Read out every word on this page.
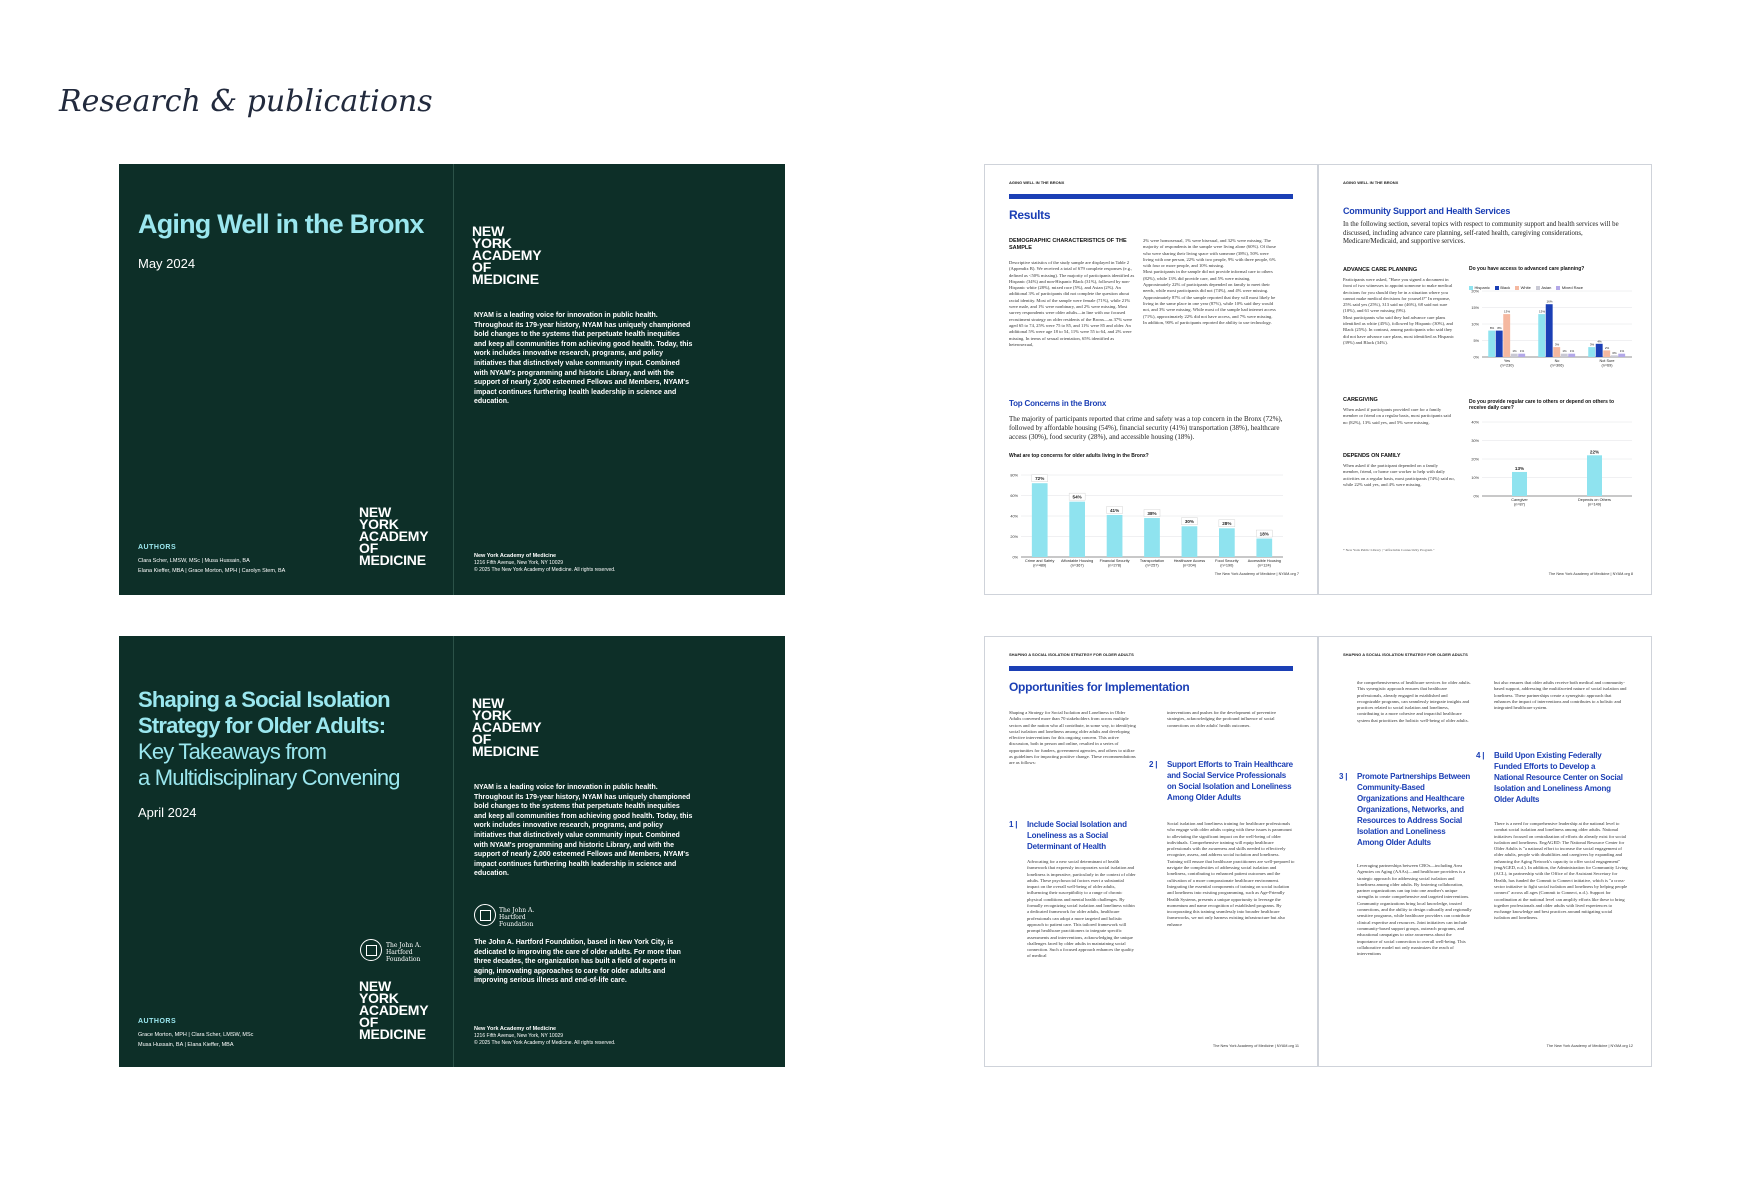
Research & publications
Aging Well in the Bronx
May 2024
AUTHORS
Clara Scher, LMSW, MSc | Musa Hussain, BA
Elana Kieffer, MBA | Grace Morton, MPH | Carolyn Stem, BA
NEW YORK ACADEMY OF MEDICINE
NEW YORK ACADEMY OF MEDICINE
NYAM is a leading voice for innovation in public health. Throughout its 179-year history, NYAM has uniquely championed bold changes to the systems that perpetuate health inequities and keep all communities from achieving good health. Today, this work includes innovative research, programs, and policy initiatives that distinctively value community input. Combined with NYAM's programming and historic Library, and with the support of nearly 2,000 esteemed Fellows and Members, NYAM's impact continues furthering health leadership in science and education.
New York Academy of Medicine
1216 Fifth Avenue, New York, NY 10029
© 2025 The New York Academy of Medicine. All rights reserved.
Shaping a Social Isolation
Strategy for Older Adults:
Key Takeaways from
a Multidisciplinary Convening
April 2024
AUTHORS
Grace Morton, MPH | Clara Scher, LMSW, MSc
Musa Hussain, BA | Elana Kieffer, MBA
The John A. Hartford Foundation
NEW YORK ACADEMY OF MEDICINE
NEW YORK ACADEMY OF MEDICINE
NYAM is a leading voice for innovation in public health. Throughout its 179-year history, NYAM has uniquely championed bold changes to the systems that perpetuate health inequities and keep all communities from achieving good health. Today, this work includes innovative research, programs, and policy initiatives that distinctively value community input. Combined with NYAM's programming and historic Library, and with the support of nearly 2,000 esteemed Fellows and Members, NYAM's impact continues furthering health leadership in science and education.
The John A. Hartford Foundation
The John A. Hartford Foundation, based in New York City, is dedicated to improving the care of older adults. For more than three decades, the organization has built a field of experts in aging, innovating approaches to care for older adults and improving serious illness and end-of-life care.
New York Academy of Medicine
1216 Fifth Avenue, New York, NY 10029
© 2025 The New York Academy of Medicine. All rights reserved.
AGING WELL IN THE BRONX
Results
DEMOGRAPHIC CHARACTERISTICS OF THE SAMPLE
Descriptive statistics of the study sample are displayed in Table 2 (Appendix B). We received a total of 679 complete responses (e.g., defined as <50% missing). The majority of participants identified as Hispanic (34%) and non-Hispanic Black (31%), followed by non-Hispanic white (28%), mixed race (5%), and Asian (2%). An additional 3% of participants did not complete the question about racial identity. Most of the sample were female (71%), while 21% were male, and 1% were nonbinary, and 2% were missing. Most survey respondents were older adults—in line with our focused recruitment strategy on older residents of the Bronx—as 37% were aged 65 to 74, 25% were 75 to 85, and 11% were 85 and older. An additional 5% were age 18 to 54, 11% were 55 to 64, and 2% were missing. In terms of sexual orientation, 65% identified as heterosexual,
2% were homosexual, 1% were bisexual, and 32% were missing. The majority of respondents in the sample were living alone (60%). Of those who were sharing their living space with someone (38%), 50% were living with one person, 22% with two people, 9% with three people, 6% with four or more people, and 10% missing.
Most participants in the sample did not provide informal care to others (82%), while 13% did provide care, and 5% were missing. Approximately 22% of participants depended on family to meet their needs, while most participants did not (74%), and 4% were missing. Approximately 87% of the sample reported that they will most likely be living in the same place in one year (87%), while 10% said they would not, and 3% were missing. While most of the sample had internet access (71%), approximately 22% did not have access, and 7% were missing. In addition, 90% of participants reported the ability to use technology.
Top Concerns in the Bronx
The majority of participants reported that crime and safety was a top concern in the Bronx (72%), followed by affordable housing (54%), financial security (41%) transportation (38%), healthcare access (30%), food security (28%), and accessible housing (18%).
What are top concerns for older adults living in the Bronx?
80%
60%
40%
20%
0%
72%
Crime and Safety (n=489)
54%
Affordable Housing (n=367)
41%
Financial Security (n=278)
38%
Transportation (n=257)
30%
Healthcare Access (n=204)
28%
Food Security (n=190)
18%
Accessible Housing (n=124)
The New York Academy of Medicine | NYAM.org 7
AGING WELL IN THE BRONX
Community Support and Health Services
In the following section, several topics with respect to community support and health services will be discussed, including advance care planning, self-rated health, caregiving considerations, Medicare/Medicaid, and supportive services.
ADVANCE CARE PLANNING
Participants were asked, "Have you signed a document in front of two witnesses to appoint someone to make medical decisions for you should they be in a situation where you cannot make medical decisions for yourself?" In response, 25% said yes (25%), 313 said no (46%), 68 said not sure (10%), and 61 were missing (9%).
Most participants who said they had advance care plans identified as white (45%), followed by Hispanic (30%), and Black (25%). In contrast, among participants who said they did not have advance care plans, most identified as Hispanic (39%) and Black (34%).
CAREGIVING
When asked if participants provided care for a family member or friend on a regular basis, most participants said no (82%), 13% said yes, and 5% were missing.
DEPENDS ON FAMILY
When asked if the participant depended on a family member, friend, or home care worker to help with daily activities on a regular basis, most participants (74%) said no, while 22% said yes, and 4% were missing.
Do you have access to advanced care planning?
Hispanic	Black	White	Asian	Mixed Race
20%
15%
10%
5%
0%
8% 8%
13%
1% 1%
Yes (n=230)
13%
16%
3%
1% 1%
No (n=306)
3%
4%
2%
0% 1%
Not Sure (n=69)
Do you provide regular care to others or depend on others to receive daily care?
40%
30%
20%
10%
0%
13%
Caregiver (n=87)
22%
Depends on Others (n=149)
* New York Public Library | "Affordable Connectivity Program."
The New York Academy of Medicine | NYAM.org 8
SHAPING A SOCIAL ISOLATION STRATEGY FOR OLDER ADULTS
Opportunities for Implementation
Shaping a Strategy for Social Isolation and Loneliness in Older Adults convened more than 70 stakeholders from across multiple sectors and the nation who all contribute, in some way, to identifying social isolation and loneliness among older adults and developing effective interventions for this ongoing concern. This active discussion, both in person and online, resulted in a series of opportunities for funders, government agencies, and others to utilize as guidelines for impacting positive change. These recommendations are as follows:
1 | Include Social Isolation and Loneliness as a Social Determinant of Health
Advocating for a new social determinant of health framework that expressly incorporates social isolation and loneliness is imperative, particularly in the context of older adults. These psychosocial factors exert a substantial impact on the overall well-being of older adults, influencing their susceptibility to a range of chronic physical conditions and mental health challenges. By formally recognizing social isolation and loneliness within a dedicated framework for older adults, healthcare professionals can adopt a more targeted and holistic approach to patient care. This tailored framework will prompt healthcare practitioners to integrate specific assessments and interventions, acknowledging the unique challenges faced by older adults in maintaining social connection. Such a focused approach enhances the quality of medical
interventions and pushes for the development of preventive strategies, acknowledging the profound influence of social connections on older adults' health outcomes.
2 | Support Efforts to Train Healthcare and Social Service Professionals on Social Isolation and Loneliness Among Older Adults
Social isolation and loneliness training for healthcare professionals who engage with older adults coping with these issues is paramount to alleviating the significant impact on the well-being of older individuals. Comprehensive training will equip healthcare professionals with the awareness and skills needed to effectively recognize, assess, and address social isolation and loneliness. Training will ensure that healthcare practitioners are well-prepared to navigate the complexities of addressing social isolation and loneliness, contributing to enhanced patient outcomes and the cultivation of a more compassionate healthcare environment. Integrating the essential components of training on social isolation and loneliness into existing programming, such as Age-Friendly Health Systems, presents a unique opportunity to leverage the momentum and name recognition of established programs. By incorporating this training seamlessly into broader healthcare frameworks, we not only harness existing infrastructure but also enhance
The New York Academy of Medicine | NYAM.org 11
SHAPING A SOCIAL ISOLATION STRATEGY FOR OLDER ADULTS
the comprehensiveness of healthcare services for older adults. This synergistic approach ensures that healthcare professionals, already engaged in established and recognizable programs, can seamlessly integrate insights and practices related to social isolation and loneliness, contributing to a more cohesive and impactful healthcare system that prioritizes the holistic well-being of older adults.
3 | Promote Partnerships Between Community-Based Organizations and Healthcare Organizations, Networks, and Resources to Address Social Isolation and Loneliness Among Older Adults
Leveraging partnerships between CBOs—including Area Agencies on Aging (AAAs)—and healthcare providers is a strategic approach for addressing social isolation and loneliness among older adults. By fostering collaboration, partner organizations can tap into one another's unique strengths to create comprehensive and targeted interventions. Community organizations bring local knowledge, trusted connections, and the ability to design culturally and regionally sensitive programs, while healthcare providers can contribute clinical expertise and resources. Joint initiatives can include community-based support groups, outreach programs, and educational campaigns to raise awareness about the importance of social connection to overall well-being. This collaborative model not only maximizes the reach of interventions
but also ensures that older adults receive both medical and community-based support, addressing the multifaceted nature of social isolation and loneliness. These partnerships create a synergistic approach that enhances the impact of interventions and contributes to a holistic and integrated healthcare system.
4 | Build Upon Existing Federally Funded Efforts to Develop a National Resource Center on Social Isolation and Loneliness Among Older Adults
There is a need for comprehensive leadership at the national level to combat social isolation and loneliness among older adults. National initiatives focused on centralization of efforts do already exist for social isolation and loneliness. EngAGED: The National Resource Center for Older Adults is "a national effort to increase the social engagement of older adults, people with disabilities and caregivers by expanding and enhancing the Aging Network's capacity to offer social engagement" (engAGED, n.d.). In addition, the Administration for Community Living (ACL), in partnership with the Office of the Assistant Secretary for Health, has funded the Commit to Connect initiative, which is "a cross-sector initiative to fight social isolation and loneliness by helping people connect" across all ages (Commit to Connect, n.d.). Support for coordination at the national level can amplify efforts like these to bring together professionals and older adults with lived experiences to exchange knowledge and best practices around mitigating social isolation and loneliness.
The New York Academy of Medicine | NYAM.org 12
